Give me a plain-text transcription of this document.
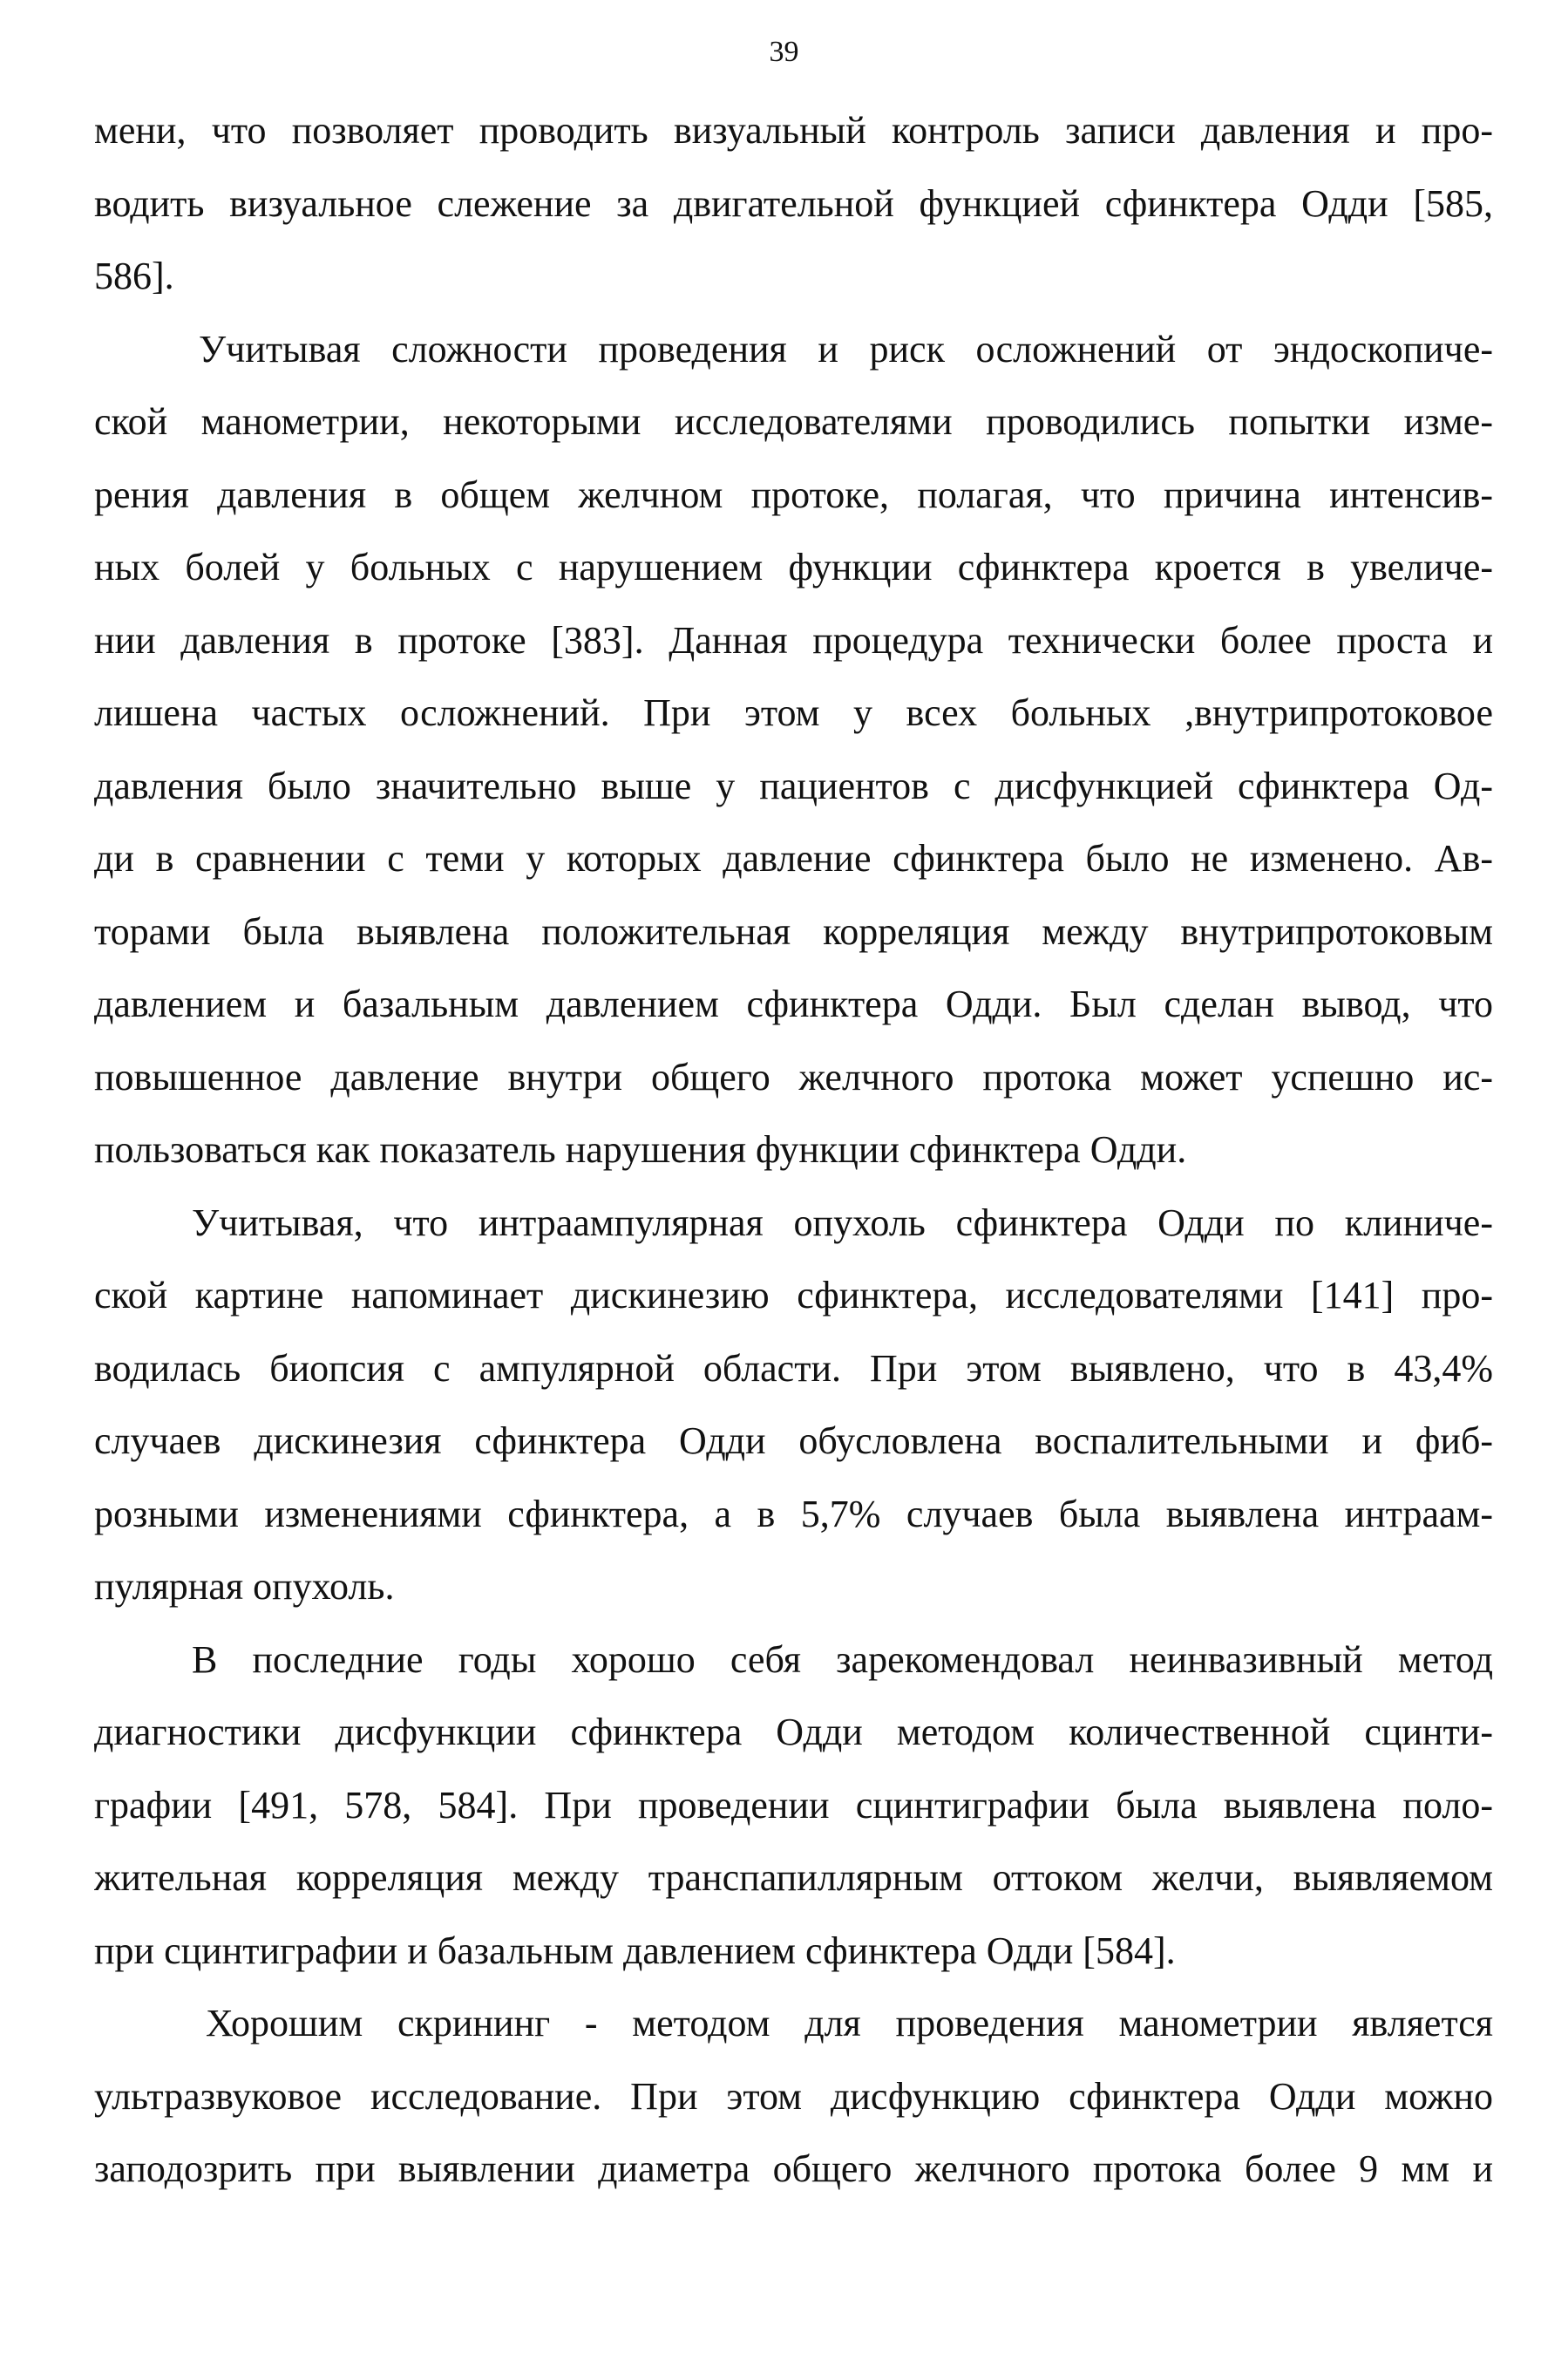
39
мени, что позволяет проводить визуальный контроль записи давления и про-
водить визуальное слежение за двигательной функцией сфинктера Одди [585,
586].
Учитывая сложности проведения и риск осложнений от эндоскопиче-
ской манометрии, некоторыми исследователями проводились попытки изме-
рения давления в общем желчном протоке, полагая, что причина интенсив-
ных болей у больных с нарушением функции сфинктера кроется в увеличе-
нии давления в протоке [383]. Данная процедура технически более проста и
лишена частых осложнений. При этом у всех больных ,внутрипротоковое
давления было значительно выше у пациентов с дисфункцией сфинктера Од-
ди в сравнении с теми у которых давление сфинктера было не изменено. Ав-
торами была выявлена положительная корреляция между внутрипротоковым
давлением и базальным давлением сфинктера Одди. Был сделан вывод, что
повышенное давление внутри общего желчного протока может успешно ис-
пользоваться как показатель нарушения функции сфинктера Одди.
Учитывая, что интраампулярная опухоль сфинктера Одди по клиниче-
ской картине напоминает дискинезию сфинктера, исследователями [141] про-
водилась биопсия с ампулярной области. При этом выявлено, что в 43,4%
случаев дискинезия сфинктера Одди обусловлена воспалительными и фиб-
розными изменениями сфинктера, а в 5,7% случаев была выявлена интраам-
пулярная опухоль.
В последние годы хорошо себя зарекомендовал неинвазивный метод
диагностики дисфункции сфинктера Одди методом количественной сцинти-
графии [491, 578, 584]. При проведении сцинтиграфии была выявлена поло-
жительная корреляция между транспапиллярным оттоком желчи, выявляемом
при сцинтиграфии и базальным давлением сфинктера Одди [584].
Хорошим скрининг - методом для проведения манометрии является
ультразвуковое исследование. При этом дисфункцию сфинктера Одди можно
заподозрить при выявлении диаметра общего желчного протока более 9 мм и
